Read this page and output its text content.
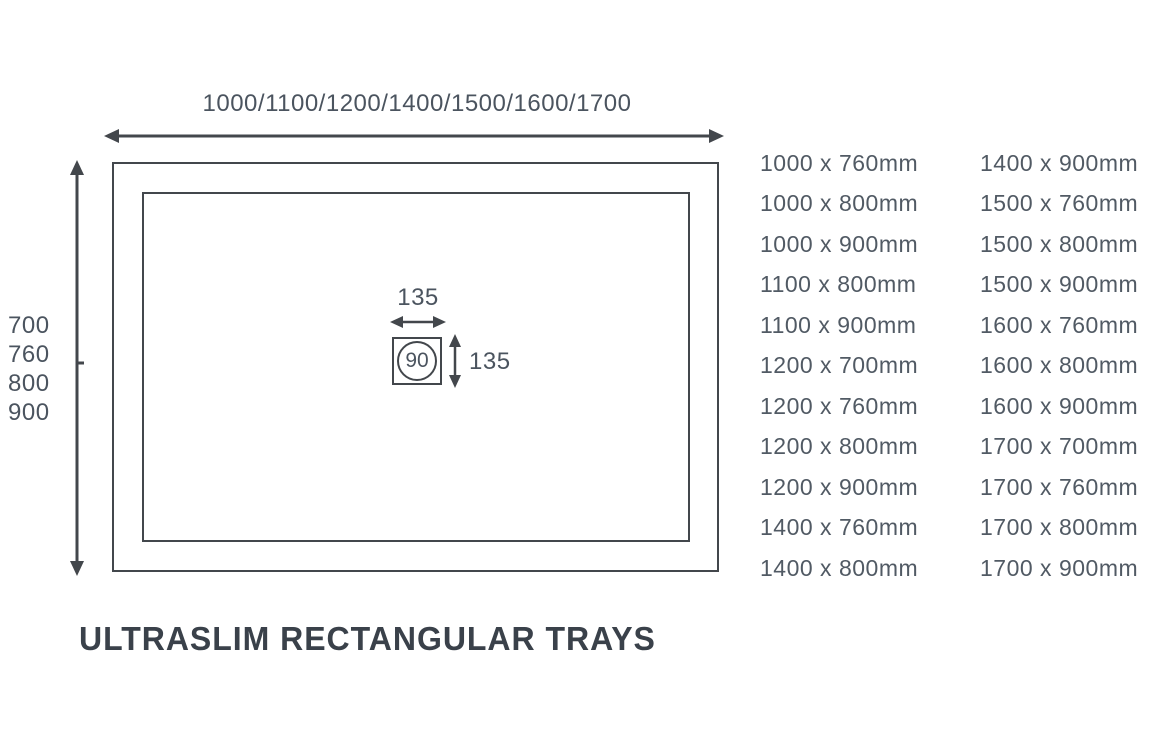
1000/1100/1200/1400/1500/1600/1700
700
760
800
900
135
90 135
1000 x 760mm
1000 x 800mm
1000 x 900mm
1100 x 800mm
1100 x 900mm
1200 x 700mm
1200 x 760mm
1200 x 800mm
1200 x 900mm
1400 x 760mm
1400 x 800mm
1400 x 900mm
1500 x 760mm
1500 x 800mm
1500 x 900mm
1600 x 760mm
1600 x 800mm
1600 x 900mm
1700 x 700mm
1700 x 760mm
1700 x 800mm
1700 x 900mm
ULTRASLIM RECTANGULAR TRAYS
